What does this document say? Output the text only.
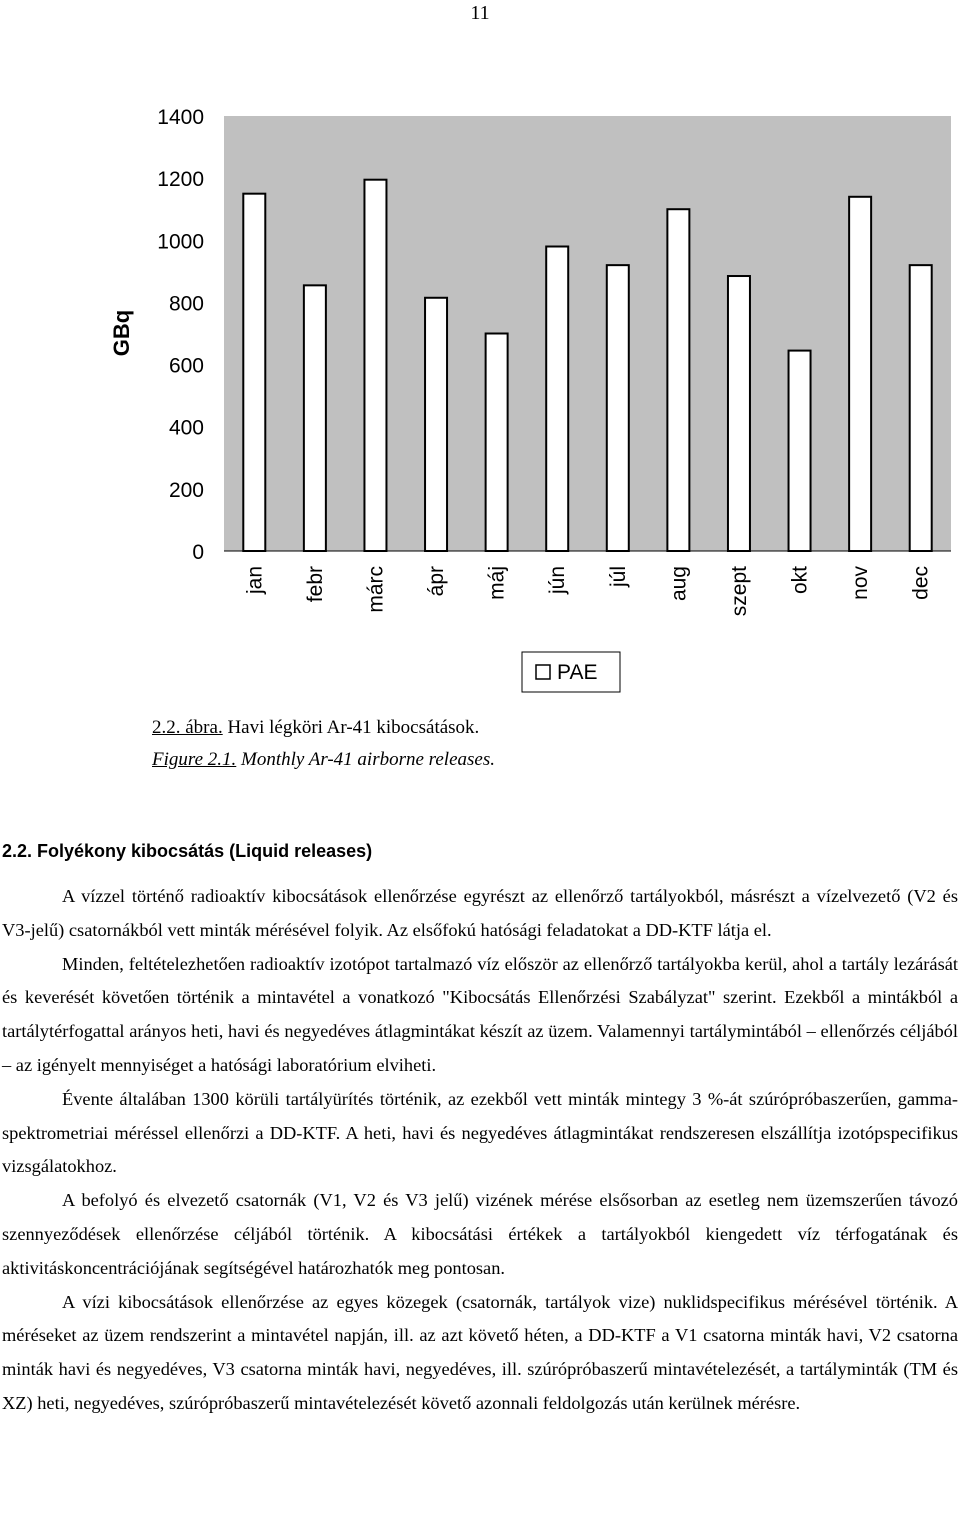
11
GBq
1400
1200
1000
800
600
400
200
0
jan febr márc ápr máj jún júl aug szept okt nov dec
PAE
2.2. ábra. Havi légköri Ar-41 kibocsátások.
Figure 2.1. Monthly Ar-41 airborne releases.
2.2. Folyékony kibocsátás (Liquid releases)

A vízzel történő radioaktív kibocsátások ellenőrzése egyrészt az ellenőrző tartályokból, másrészt a vízelvezető (V2 és V3-jelű) csatornákból vett minták mérésével folyik. Az elsőfokú hatósági feladatokat a DD-KTF látja el.

Minden, feltételezhetően radioaktív izotópot tartalmazó víz először az ellenőrző tartályokba kerül, ahol a tartály lezárását és keverését követően történik a mintavétel a vonatkozó "Kibocsátás Ellenőrzési Szabályzat" szerint. Ezekből a mintákból a tartálytérfogattal arányos heti, havi és negyedéves átlagmintákat készít az üzem. Valamennyi tartálymintából – ellenőrzés céljából – az igényelt mennyiséget a hatósági laboratórium elviheti.

Évente általában 1300 körüli tartályürítés történik, az ezekből vett minták mintegy 3 %-át szúrópróbaszerűen, gamma-spektrometriai méréssel ellenőrzi a DD-KTF. A heti, havi és negyedéves átlagmintákat rendszeresen elszállítja izotópspecifikus vizsgálatokhoz.

A befolyó és elvezető csatornák (V1, V2 és V3 jelű) vizének mérése elsősorban az esetleg nem üzemszerűen távozó szennyeződések ellenőrzése céljából történik. A kibocsátási értékek a tartályokból kiengedett víz térfogatának és aktivitáskoncentrációjának segítségével határozhatók meg pontosan.

A vízi kibocsátások ellenőrzése az egyes közegek (csatornák, tartályok vize) nuklidspecifikus mérésével történik. A méréseket az üzem rendszerint a mintavétel napján, ill. az azt követő héten, a DD-KTF a V1 csatorna minták havi, V2 csatorna minták havi és negyedéves, V3 csatorna minták havi, negyedéves, ill. szúrópróbaszerű mintavételezését, a tartályminták (TM és XZ) heti, negyedéves, szúrópróbaszerű mintavételezését követő azonnali feldolgozás után kerülnek mérésre.
